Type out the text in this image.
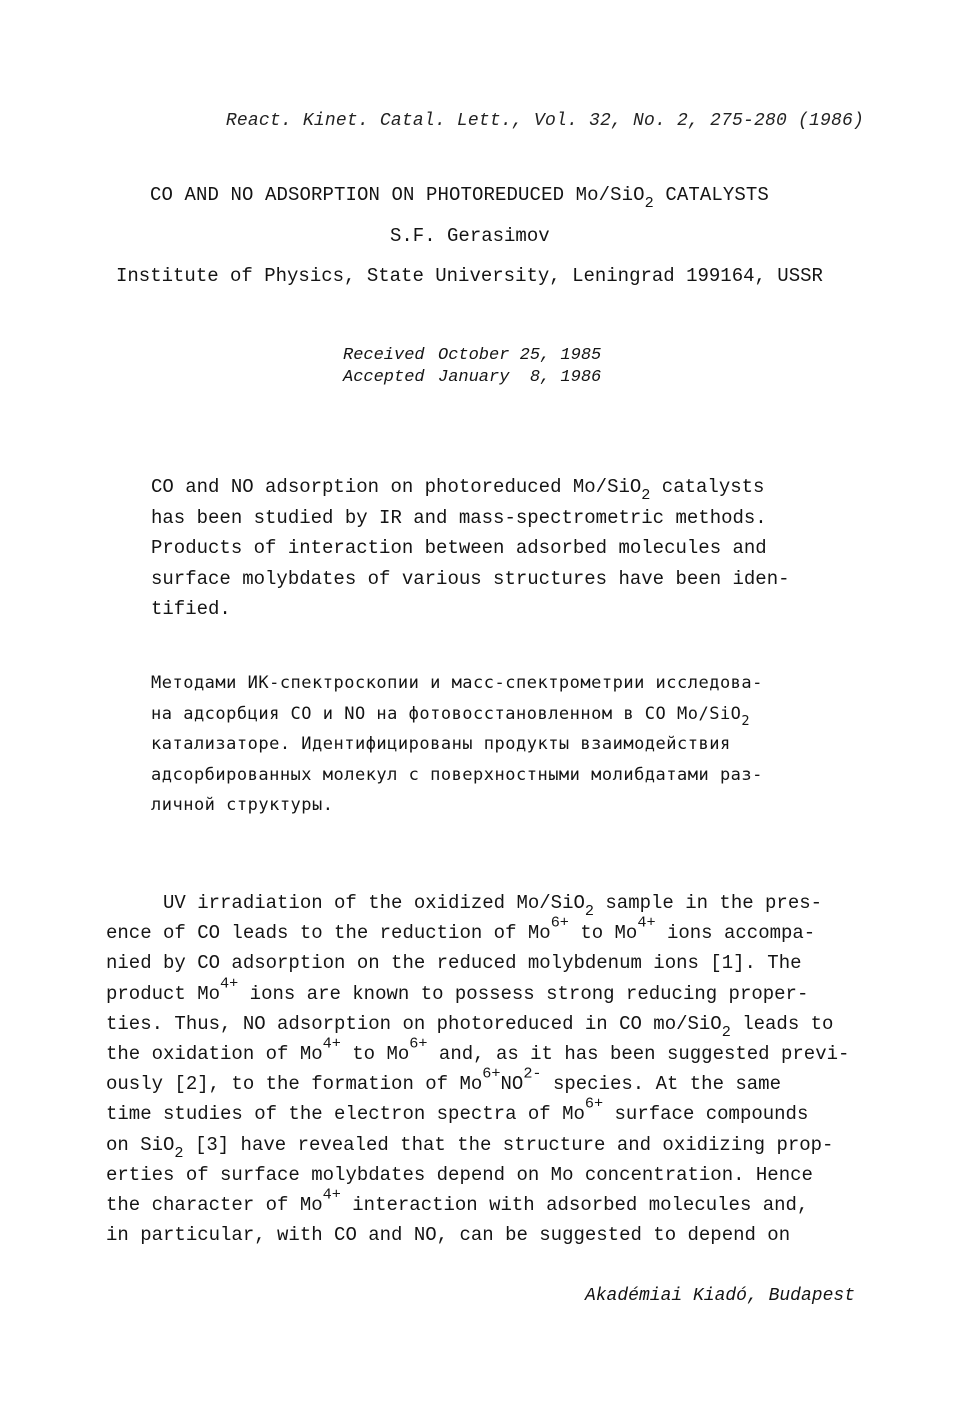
React. Kinet. Catal. Lett., Vol. 32, No. 2, 275-280 (1986)
CO AND NO ADSORPTION ON PHOTOREDUCED Mo/SiO$_2$ CATALYSTS
S.F. Gerasimov
Institute of Physics, State University, Leningrad 199164, USSR
Received October 25, 1985
Accepted January  8, 1986
CO and NO adsorption on photoreduced Mo/SiO$_2$ catalysts
has been studied by IR and mass-spectrometric methods.
Products of interaction between adsorbed molecules and
surface molybdates of various structures have been iden-
tified.
Методами ИК-спектроскопии и масс-спектрометрии исследова-
на адсорбция CO и NO на фотовосстановленном в CO Mo/SiO$_2$
катализаторе. Идентифицированы продукты взаимодействия
адсорбированных молекул с поверхностными молибдатами раз-
личной структуры.
UV irradiation of the oxidized Mo/SiO$_2$ sample in the pres-
ence of CO leads to the reduction of $Mo^{6+}$ to $Mo^{4+}$ ions accompa-
nied by CO adsorption on the reduced molybdenum ions [1]. The
product $Mo^{4+}$ ions are known to possess strong reducing proper-
ties. Thus, NO adsorption on photoreduced in CO mo/SiO$_2$ leads to
the oxidation of $Mo^{4+}$ to $Mo^{6+}$ and, as it has been suggested previ-
ously [2], to the formation of $Mo^{6+}NO^{2-}$ species. At the same
time studies of the electron spectra of $Mo^{6+}$ surface compounds
on SiO$_2$ [3] have revealed that the structure and oxidizing prop-
erties of surface molybdates depend on Mo concentration. Hence
the character of $Mo^{4+}$ interaction with adsorbed molecules and,
in particular, with CO and NO, can be suggested to depend on
Akadémiai Kiadó, Budapest
